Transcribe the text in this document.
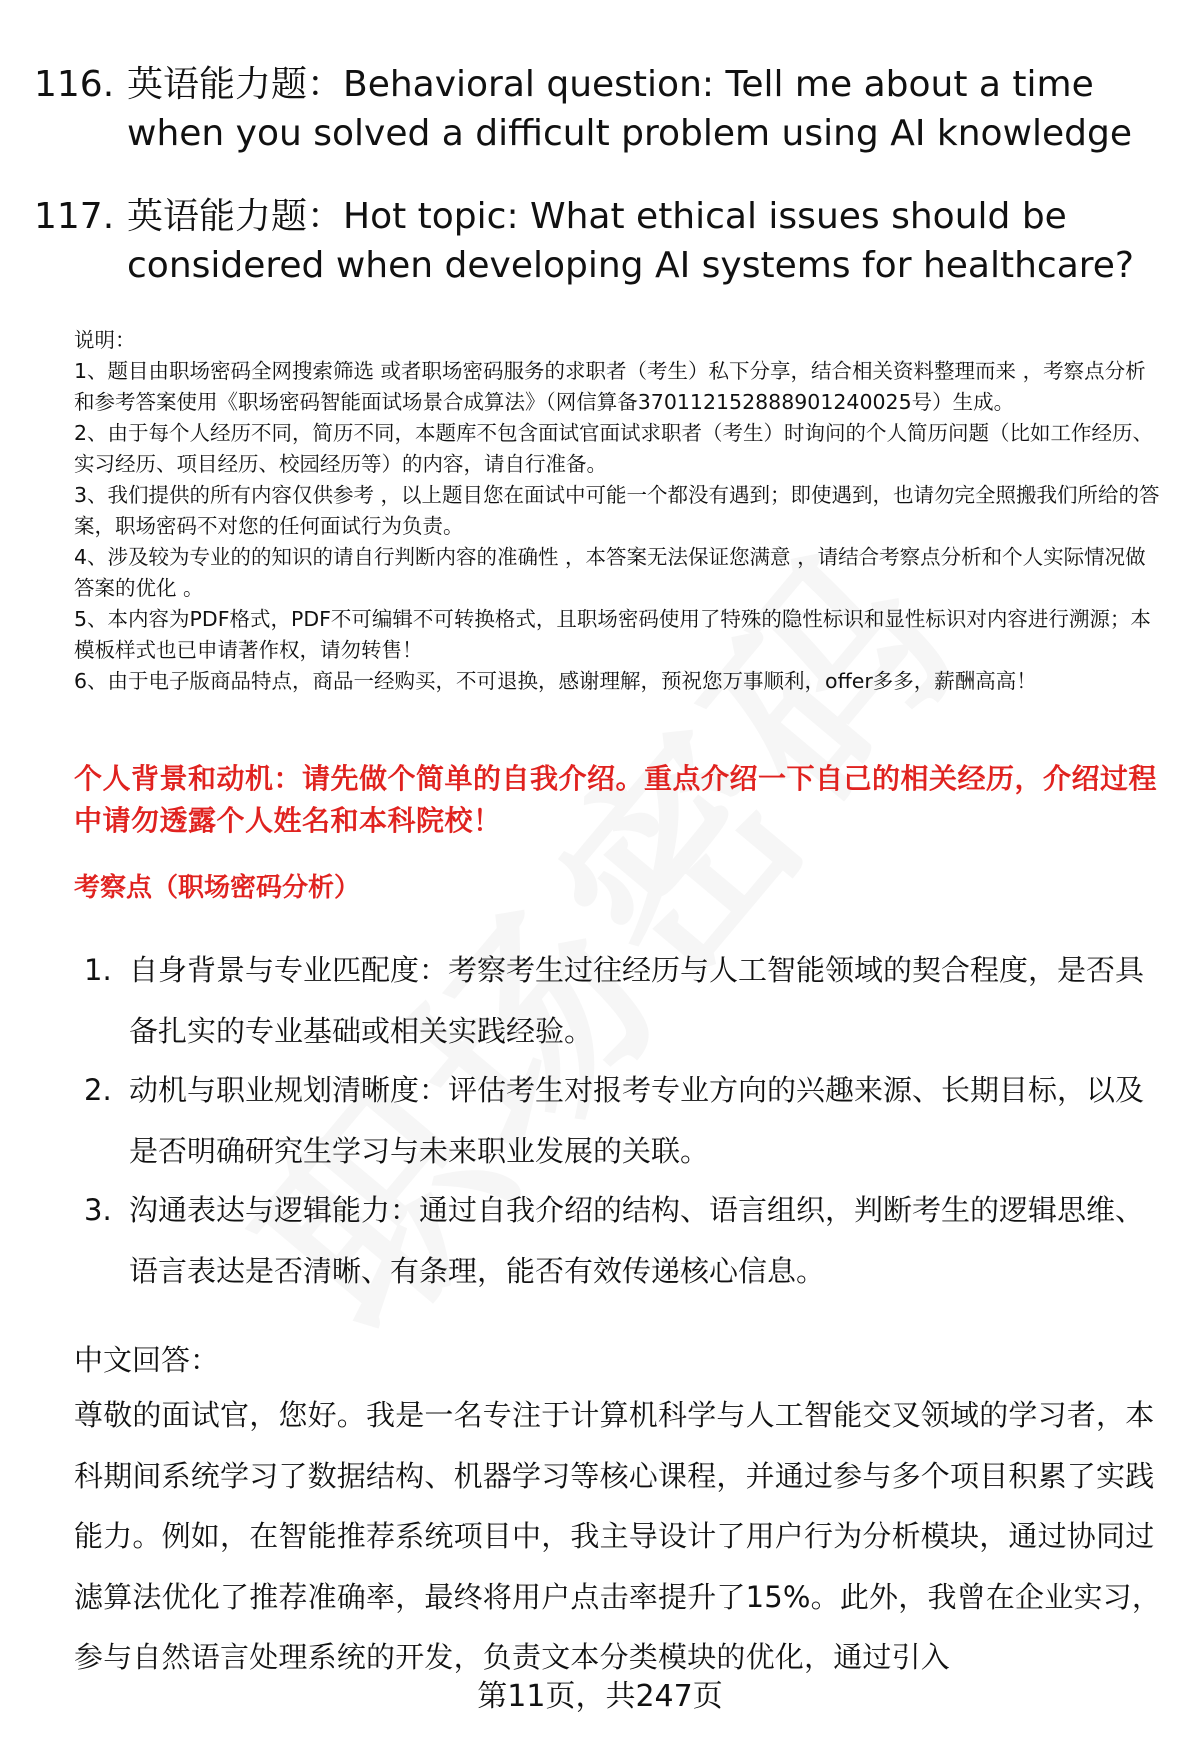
116. 英语能力题：Behavioral question: Tell me about a time when you solved a difficult problem using AI knowledge
117. 英语能力题：Hot topic: What ethical issues should be considered when developing AI systems for healthcare?

说明：

1、题目由职场密码全网搜索筛选 或者职场密码服务的求职者（考生）私下分享，结合相关资料整理而来 ，考察点分析和参考答案使用《职场密码智能面试场景合成算法》（网信算备370112152888901240025号）生成。

2、由于每个人经历不同，简历不同，本题库不包含面试官面试求职者（考生）时询问的个人简历问题（比如工作经历、实习经历、项目经历、校园经历等）的内容，请自行准备。

3、我们提供的所有内容仅供参考 ，以上题目您在面试中可能一个都没有遇到；即使遇到，也请勿完全照搬我们所给的答案，职场密码不对您的任何面试行为负责。

4、涉及较为专业的的知识的请自行判断内容的准确性 ，本答案无法保证您满意 ，请结合考察点分析和个人实际情况做答案的优化 。

5、本内容为PDF格式，PDF不可编辑不可转换格式，且职场密码使用了特殊的隐性标识和显性标识对内容进行溯源；本模板样式也已申请著作权，请勿转售！

6、由于电子版商品特点，商品一经购买，不可退换，感谢理解，预祝您万事顺利，offer多多，薪酬高高！

个人背景和动机：请先做个简单的自我介绍。重点介绍一下自己的相关经历，介绍过程中请勿透露个人姓名和本科院校！
考察点（职场密码分析）
1. 自身背景与专业匹配度：考察考生过往经历与人工智能领域的契合程度，是否具备扎实的专业基础或相关实践经验。
2. 动机与职业规划清晰度：评估考生对报考专业方向的兴趣来源、长期目标，以及是否明确研究生学习与未来职业发展的关联。
3. 沟通表达与逻辑能力：通过自我介绍的结构、语言组织，判断考生的逻辑思维、语言表达是否清晰、有条理，能否有效传递核心信息。
中文回答：
尊敬的面试官，您好。我是一名专注于计算机科学与人工智能交叉领域的学习者，本科期间系统学习了数据结构、机器学习等核心课程，并通过参与多个项目积累了实践能力。例如，在智能推荐系统项目中，我主导设计了用户行为分析模块，通过协同过滤算法优化了推荐准确率，最终将用户点击率提升了15%。此外，我曾在企业实习，参与自然语言处理系统的开发，负责文本分类模块的优化，通过引入
第11页，共247页
